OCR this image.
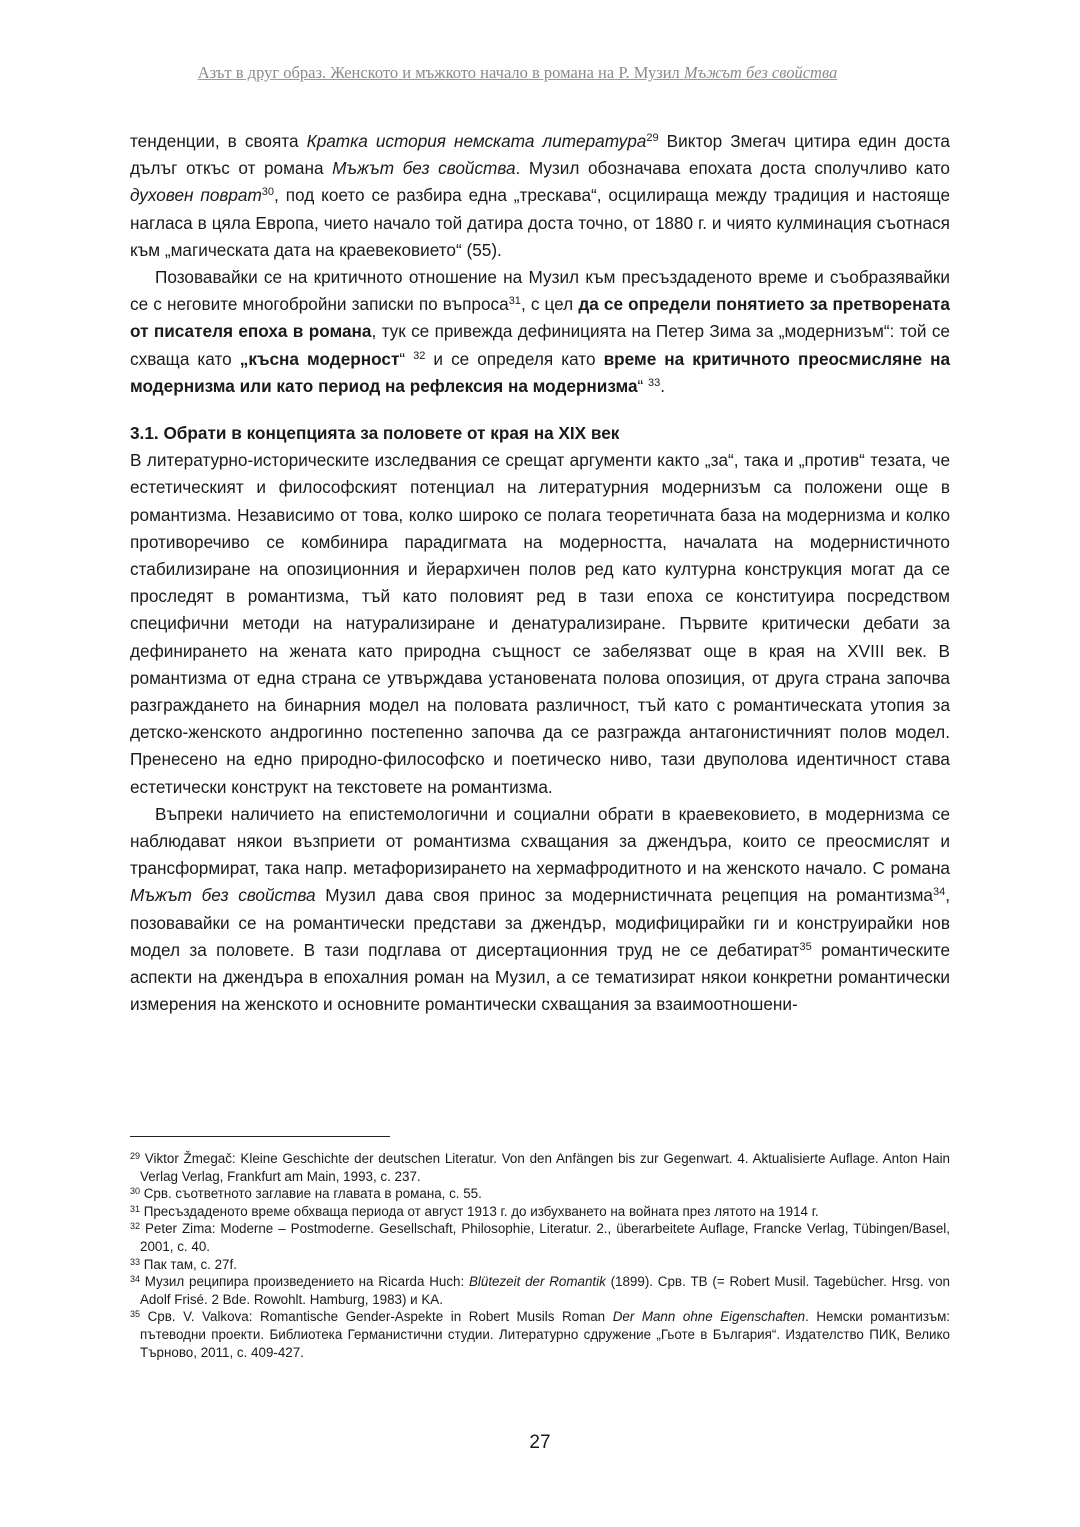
Азът в друг образ. Женското и мъжкото начало в романа на Р. Музил Мъжът без свойства

тенденции, в своята Кратка история немската литература$^{29}$ Виктор Змегач цитира един доста дълъг откъс от романа Мъжът без свойства. Музил обозначава епохата доста сполучливо като духовен поврат$^{30}$, под което се разбира една „трескава“, осцилираща между традиция и настояще нагласа в цяла Европа, чието начало той датира доста точно, от 1880 г. и чиято кулминация съотнася към „магическата дата на краевековието“ (55).

Позовавайки се на критичното отношение на Музил към пресъздаденото време и съобразявайки се с неговите многобройни записки по въпроса$^{31}$, с цел да се определи понятието за претворената от писателя епоха в романа, тук се привежда дефиницията на Петер Зима за „модернизъм“: той се схваща като „късна модерност“ $^{32}$ и се определя като време на критичното преосмисляне на модернизма или като период на рефлексия на модернизма“ $^{33}$.

3.1. Обрати в концепцията за половете от края на XIX век

В литературно-историческите изследвания се срещат аргументи както „за“, така и „против“ тезата, че естетическият и философският потенциал на литературния модернизъм са положени още в романтизма. Независимо от това, колко широко се полага теоретичната база на модернизма и колко противоречиво се комбинира парадигмата на модерността, началата на модернистичното стабилизиране на опозиционния и йерархичен полов ред като културна конструкция могат да се проследят в романтизма, тъй като половият ред в тази епоха се конституира посредством специфични методи на натурализиране и денатурализиране. Първите критически дебати за дефинирането на жената като природна същност се забелязват още в края на XVIII век. В романтизма от една страна се утвърждава установената полова опозиция, от друга страна започва разграждането на бинарния модел на половата различност, тъй като с романтическата утопия за детско-женското андрогинно постепенно започва да се разгражда антагонистичният полов модел. Пренесено на едно природно-философско и поетическо ниво, тази двуполова идентичност става естетически конструкт на текстовете на романтизма.

Въпреки наличието на епистемологични и социални обрати в краевековието, в модернизма се наблюдават някои възприети от романтизма схващания за джендъра, които се преосмислят и трансформират, така напр. метафоризирането на хермафродитното и на женското начало. С романа Мъжът без свойства Музил дава своя принос за модернистичната рецепция на романтизма$^{34}$, позовавайки се на романтически представи за джендър, модифицирайки ги и конструирайки нов модел за половете. В тази подглава от дисертационния труд не се дебатират$^{35}$ романтическите аспекти на джендъра в епохалния роман на Музил, а се тематизират някои конкретни романтически измерения на женското и основните романтически схващания за взаимоотношени-

$^{29}$ Viktor Žmegač: Kleine Geschichte der deutschen Literatur. Von den Anfängen bis zur Gegenwart. 4. Aktualisierte Auflage. Anton Hain Verlag Verlag, Frankfurt am Main, 1993, с. 237.

$^{30}$ Срв. съответното заглавие на главата в романа, с. 55.

$^{31}$ Пресъздаденото време обхваща периода от август 1913 г. до избухването на войната през лятото на 1914 г.

$^{32}$ Peter Zima: Moderne – Postmoderne. Gesellschaft, Philosophie, Literatur. 2., überarbeitete Auflage, Francke Verlag, Tübingen/Basel, 2001, с. 40.

$^{33}$ Пак там, с. 27f.

$^{34}$ Музил реципира произведението на Ricarda Huch: Blütezeit der Romantik (1899). Срв. TB (= Robert Musil. Tagebücher. Hrsg. von Adolf Frisé. 2 Bde. Rowohlt. Hamburg, 1983) и KA.

$^{35}$ Срв. V. Valkova: Romantische Gender-Aspekte in Robert Musils Roman Der Mann ohne Eigenschaften. Немски романтизъм: пътеводни проекти. Библиотека Германистични студии. Литературно сдружение „Гьоте в България“. Издателство ПИК, Велико Търново, 2011, с. 409-427.

27
